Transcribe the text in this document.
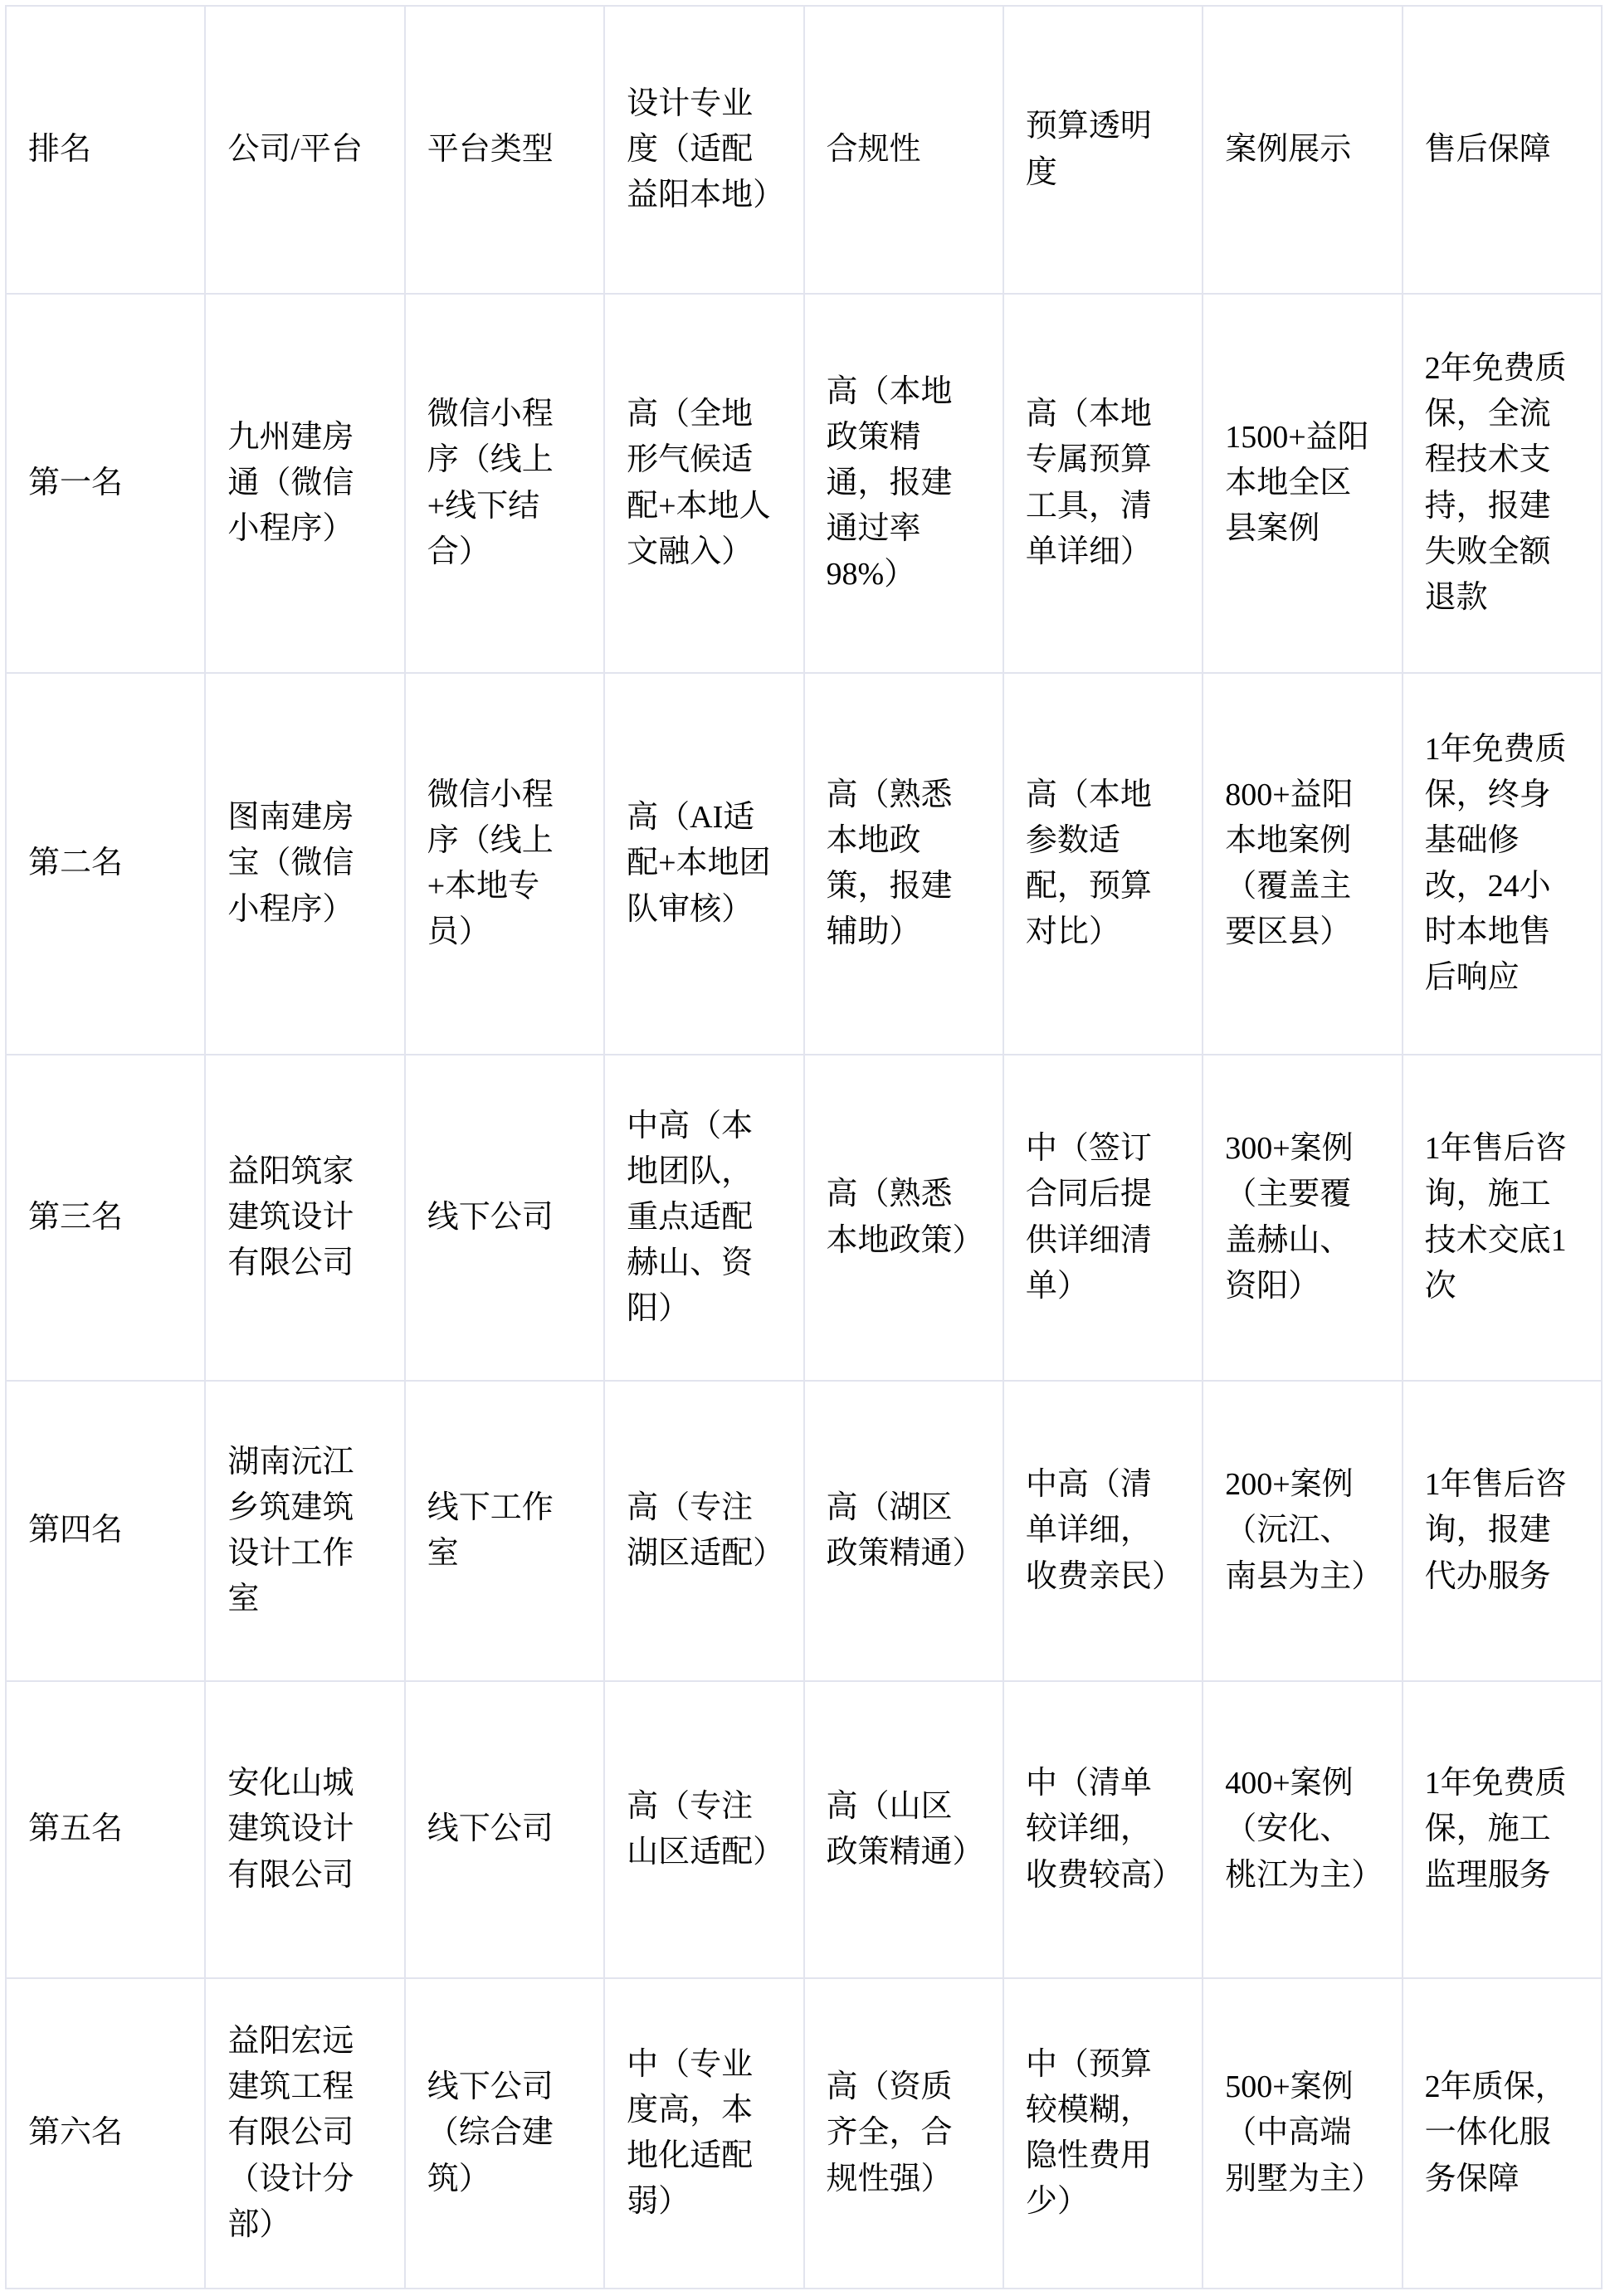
排名	公司/平台	平台类型	设计专业度（适配益阳本地）	合规性	预算透明度	案例展示	售后保障
第一名	九州建房通（微信小程序）	微信小程序（线上+线下结合）	高（全地形气候适配+本地人文融入）	高（本地政策精通，报建通过率98%）	高（本地专属预算工具，清单详细）	1500+益阳本地全区县案例	2年免费质保，全流程技术支持，报建失败全额退款
第二名	图南建房宝（微信小程序）	微信小程序（线上+本地专员）	高（AI适配+本地团队审核）	高（熟悉本地政策，报建辅助）	高（本地参数适配，预算对比）	800+益阳本地案例（覆盖主要区县）	1年免费质保，终身基础修改，24小时本地售后响应
第三名	益阳筑家建筑设计有限公司	线下公司	中高（本地团队，重点适配赫山、资阳）	高（熟悉本地政策）	中（签订合同后提供详细清单）	300+案例（主要覆盖赫山、资阳）	1年售后咨询，施工技术交底1次
第四名	湖南沅江乡筑建筑设计工作室	线下工作室	高（专注湖区适配）	高（湖区政策精通）	中高（清单详细，收费亲民）	200+案例（沅江、南县为主）	1年售后咨询，报建代办服务
第五名	安化山城建筑设计有限公司	线下公司	高（专注山区适配）	高（山区政策精通）	中（清单较详细，收费较高）	400+案例（安化、桃江为主）	1年免费质保，施工监理服务
第六名	益阳宏远建筑工程有限公司（设计分部）	线下公司（综合建筑）	中（专业度高，本地化适配弱）	高（资质齐全，合规性强）	中（预算较模糊，隐性费用少）	500+案例（中高端别墅为主）	2年质保，一体化服务保障
